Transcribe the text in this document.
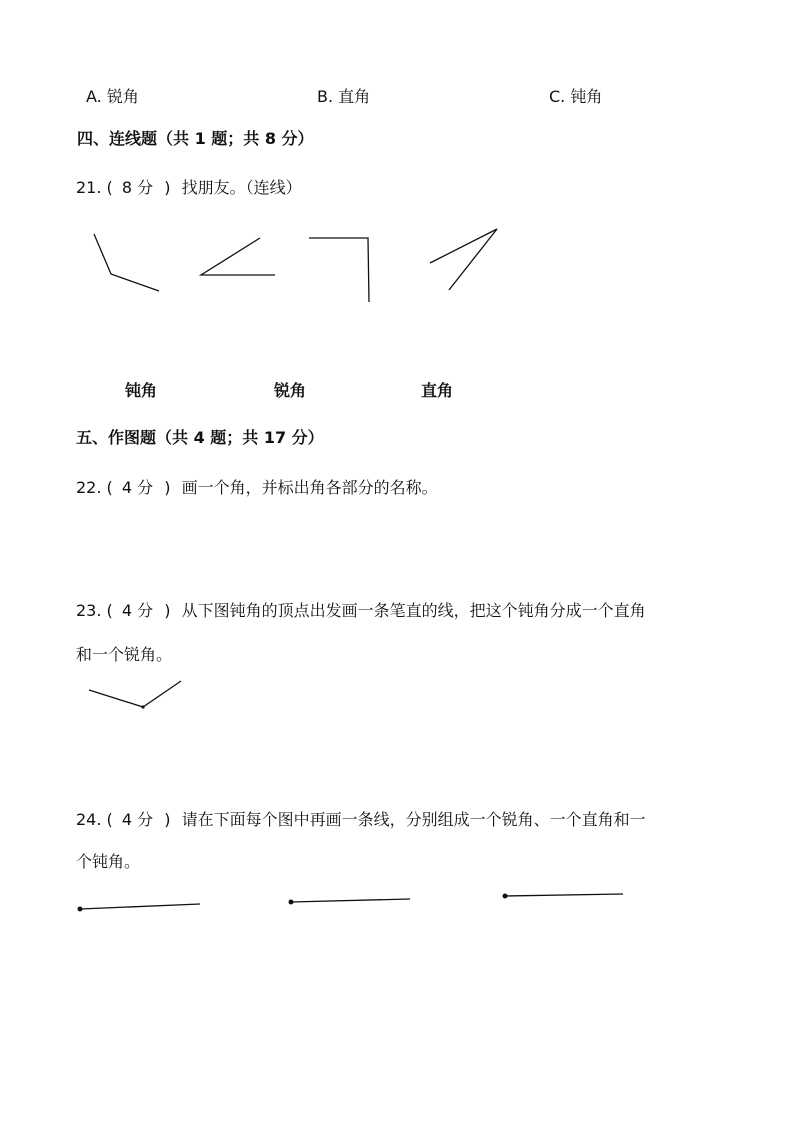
A. 锐角	B. 直角	C. 钝角
四、连线题（共 1 题；共 8 分）
21. ( 8 分 ) 找朋友。（连线）
钝角	锐角	直角
五、作图题（共 4 题；共 17 分）
22. ( 4 分 ) 画一个角，并标出角各部分的名称。
23. ( 4 分 ) 从下图钝角的顶点出发画一条笔直的线，把这个钝角分成一个直角
和一个锐角。
24. ( 4 分 ) 请在下面每个图中再画一条线，分别组成一个锐角、一个直角和一
个钝角。
